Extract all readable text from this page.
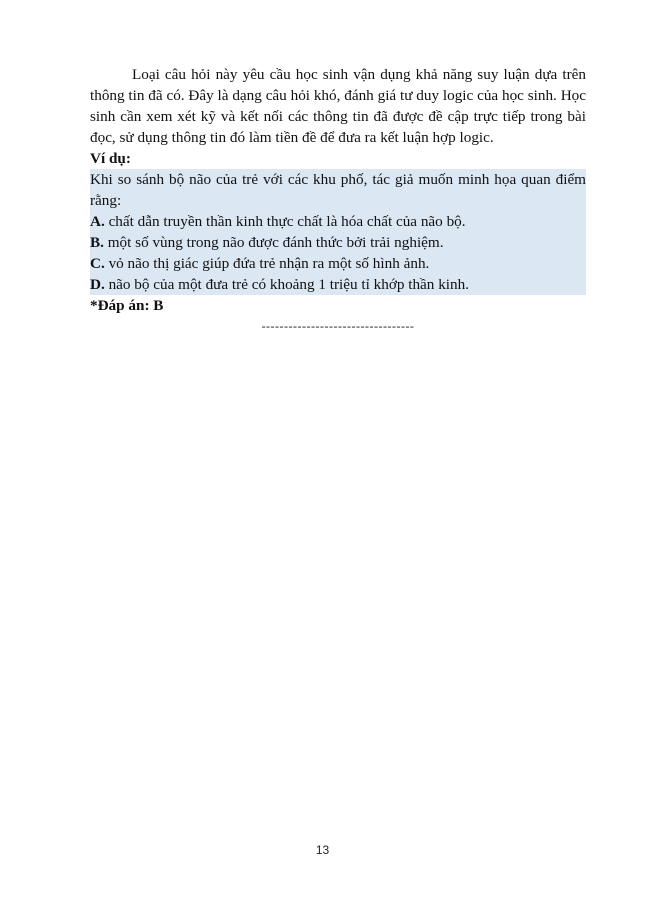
Loại câu hỏi này yêu cầu học sinh vận dụng khả năng suy luận dựa trên thông tin đã có. Đây là dạng câu hỏi khó, đánh giá tư duy logic của học sinh. Học sinh cần xem xét kỹ và kết nối các thông tin đã được đề cập trực tiếp trong bài đọc, sử dụng thông tin đó làm tiền đề để đưa ra kết luận hợp logic.

Ví dụ:

Khi so sánh bộ não của trẻ với các khu phố, tác giả muốn minh họa quan điểm rằng:

A. chất dẫn truyền thần kinh thực chất là hóa chất của não bộ.

B. một số vùng trong não được đánh thức bởi trải nghiệm.

C. vỏ não thị giác giúp đứa trẻ nhận ra một số hình ảnh.

D. não bộ của một đưa trẻ có khoảng 1 triệu tỉ khớp thần kinh.

*Đáp án: B

----------------------------------

13
